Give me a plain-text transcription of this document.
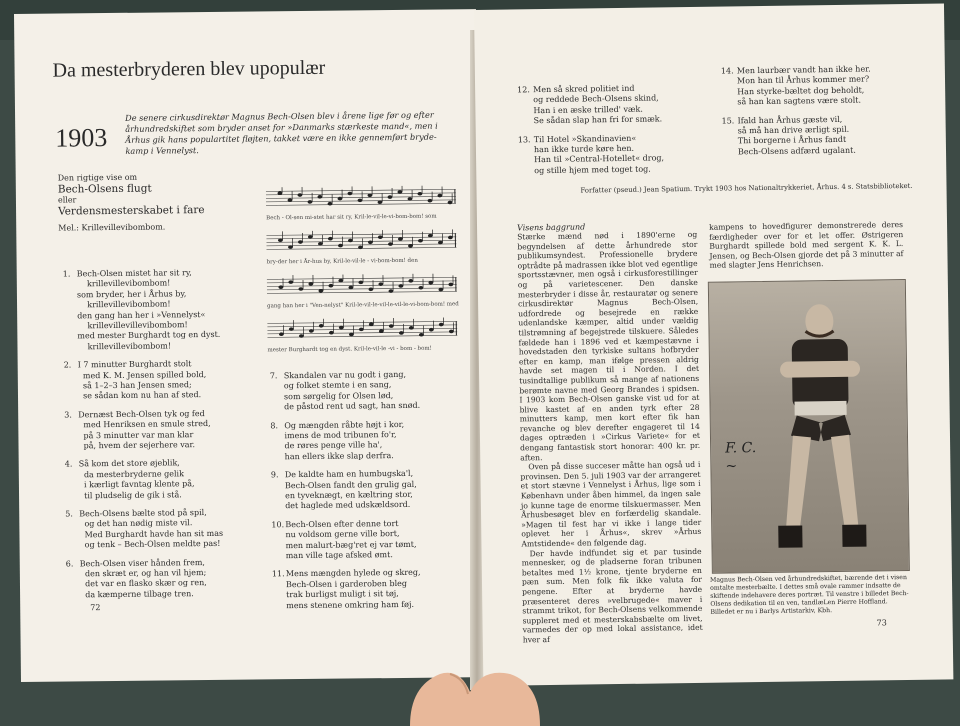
Da mesterbryderen blev upopulær
1903
De senere cirkusdirektør Magnus Bech-Olsen blev i årene lige før og efter århundredskiftet som bryder anset for »Danmarks stærkeste mand«, men i Århus gik hans populartitet fløjten, takket være en ikke gennemført bryde-kamp i Vennelyst.
Den rigtige vise om
Bech-Olsens flugt
eller
Verdensmesterskabet i fare
Mel.: Krillevillevibombom.
1. Bech-Olsen mistet har sit ry,
krillevillevibombom!
som bryder, her i Århus by,
krillevillevibombom!
den gang han her i »Vennelyst«
krillevillevillevibombom!
med mester Burghardt tog en dyst.
krillevillevibombom!
2. I 7 minutter Burghardt stolt
med K. M. Jensen spilled bold,
så 1–2–3 han Jensen smed;
se sådan kom nu han af sted.
3. Dernæst Bech-Olsen tyk og fed
med Henriksen en smule stred,
på 3 minutter var man klar
på, hvem der sejerhere var.
4. Så kom det store øjeblik,
da mesterbryderne gelik
i kærligt favntag klente på,
til pludselig de gik i stå.
5. Bech-Olsens bælte stod på spil,
og det han nødig miste vil.
Med Burghardt havde han sit mas
og tenk – Bech-Olsen meldte pas!
6. Bech-Olsen viser hånden frem,
den skræt er, og han vil hjem;
det var en flasko skær og ren,
da kæmperne tilbage tren.
Bech - Ol-sen mi-stet har sit ry, Kril-le-vil-le-vi-bom-bom! som
bry-der her i År-hus by, Kril-le-vil-le - vi-bom-bom! den
gang han her i "Ven-nelyst" Kril-le-vil-le-vil-le-vil-le-vi-bom-bom! med
mester Burghardt tog en dyst. Kril-le-vil-le -vi - bom - bom!
7. Skandalen var nu godt i gang,
og folket stemte i en sang,
som sørgelig for Olsen lød,
de påstod rent ud sagt, han snød.
8. Og mængden råbte højt i kor,
imens de mod tribunen fo'r,
de røres penge ville ha',
han ellers ikke slap derfra.
9. De kaldte ham en humbugska'l,
Bech-Olsen fandt den grulig gal,
en tyveknægt, en kæltring stor,
det haglede med udskældsord.
10. Bech-Olsen efter denne tort
nu voldsom gerne ville bort,
men malurt-bæg'ret ej var tømt,
man ville tage afsked ømt.
11. Mens mængden hylede og skreg,
Bech-Olsen i garderoben bleg
trak burligst muligt i sit tøj,
mens stenene omkring ham føj.
72
12. Men så skred politiet ind
og reddede Bech-Olsens skind,
Han i en æske trilled' væk.
Se sådan slap han fri for smæk.
13. Til Hotel »Skandinavien«
han ikke turde køre hen.
Han til »Central-Hotellet« drog,
og stille hjem med toget tog.
14. Men laurbær vandt han ikke her.
Mon han til Århus kommer mer?
Han styrke-bæltet dog beholdt,
så han kan sagtens være stolt.
15. Ifald han Århus gæste vil,
så må han drive ærligt spil.
Thi borgerne i Århus fandt
Bech-Olsens adfærd ugalant.
Forfatter (pseud.) Jean Spatium. Trykt 1903 hos Nationaltrykkeriet, Århus. 4 s. Statsbiblioteket.
Visens baggrund
Stærke mænd nød i 1890'erne og begyndelsen af dette århundrede stor publikumsyndest. Professionelle brydere optrådte på madrassen ikke blot ved egentlige sportsstævner, men også i cirkusforestillinger og på varietescener. Den danske mesterbryder i disse år, restauratør og senere cirkusdirektør Magnus Bech-Olsen, udfordrede og besejrede en række udenlandske kæmper, altid under vældig tilstrømning af begejstrede tilskuere. Således fældede han i 1896 ved et kæmpestævne i hovedstaden den tyrkiske sultans hofbryder efter en kamp, man ifølge pressen aldrig havde set magen til i Norden. I det tusindtallige publikum så mange af nationens berømte navne med Georg Brandes i spidsen. I 1903 kom Bech-Olsen ganske vist ud for at blive kastet af en anden tyrk efter 28 minutters kamp, men kort efter fik han revanche og blev derefter engageret til 14 dages optræden i »Cirkus Variete« for et dengang fantastisk stort honorar: 400 kr. pr. aften.
Oven på disse succeser måtte han også ud i provinsen. Den 5. juli 1903 var der arrangeret et stort stævne i Vennelyst i Århus, lige som i København under åben himmel, da ingen sale jo kunne tage de enorme tilskuermasser. Men Århusbesøget blev en forfærdelig skandale. »Magen til fest har vi ikke i lange tider oplevet her i Århus«, skrev »Århus Amtstidende« den følgende dag.
Der havde indfundet sig et par tusinde mennesker, og de pladserne foran tribunen betaltes med 1½ krone, tjente bryderne en pæn sum. Men folk fik ikke valuta for pengene. Efter at bryderne havde præsenteret deres »velbrugede« maver i strammt trikot, for Bech-Olsens velkommende suppleret med et mesterskabsbælte om livet, varmedes der op med lokal assistance, idet hver af
kampens to hovedfigurer demonstrerede deres færdigheder over for et let offer. Østrigeren Burghardt spillede bold med sergent K. K. L. Jensen, og Bech-Olsen gjorde det på 3 minutter af med slagter Jens Henrichsen.
F. C.
~
Magnus Bech-Olsen ved århundredskiftet, bærende det i visen omtalte mesterbælte. I dettes små ovale rammer indsatte de skiftende indehavere deres portræt. Til venstre i billedet Bech-Olsens dedikation til en ven, tandlæLen Pierre Hoffland. Billedet er nu i Barlys Artistarkiv, Kbh.
73
